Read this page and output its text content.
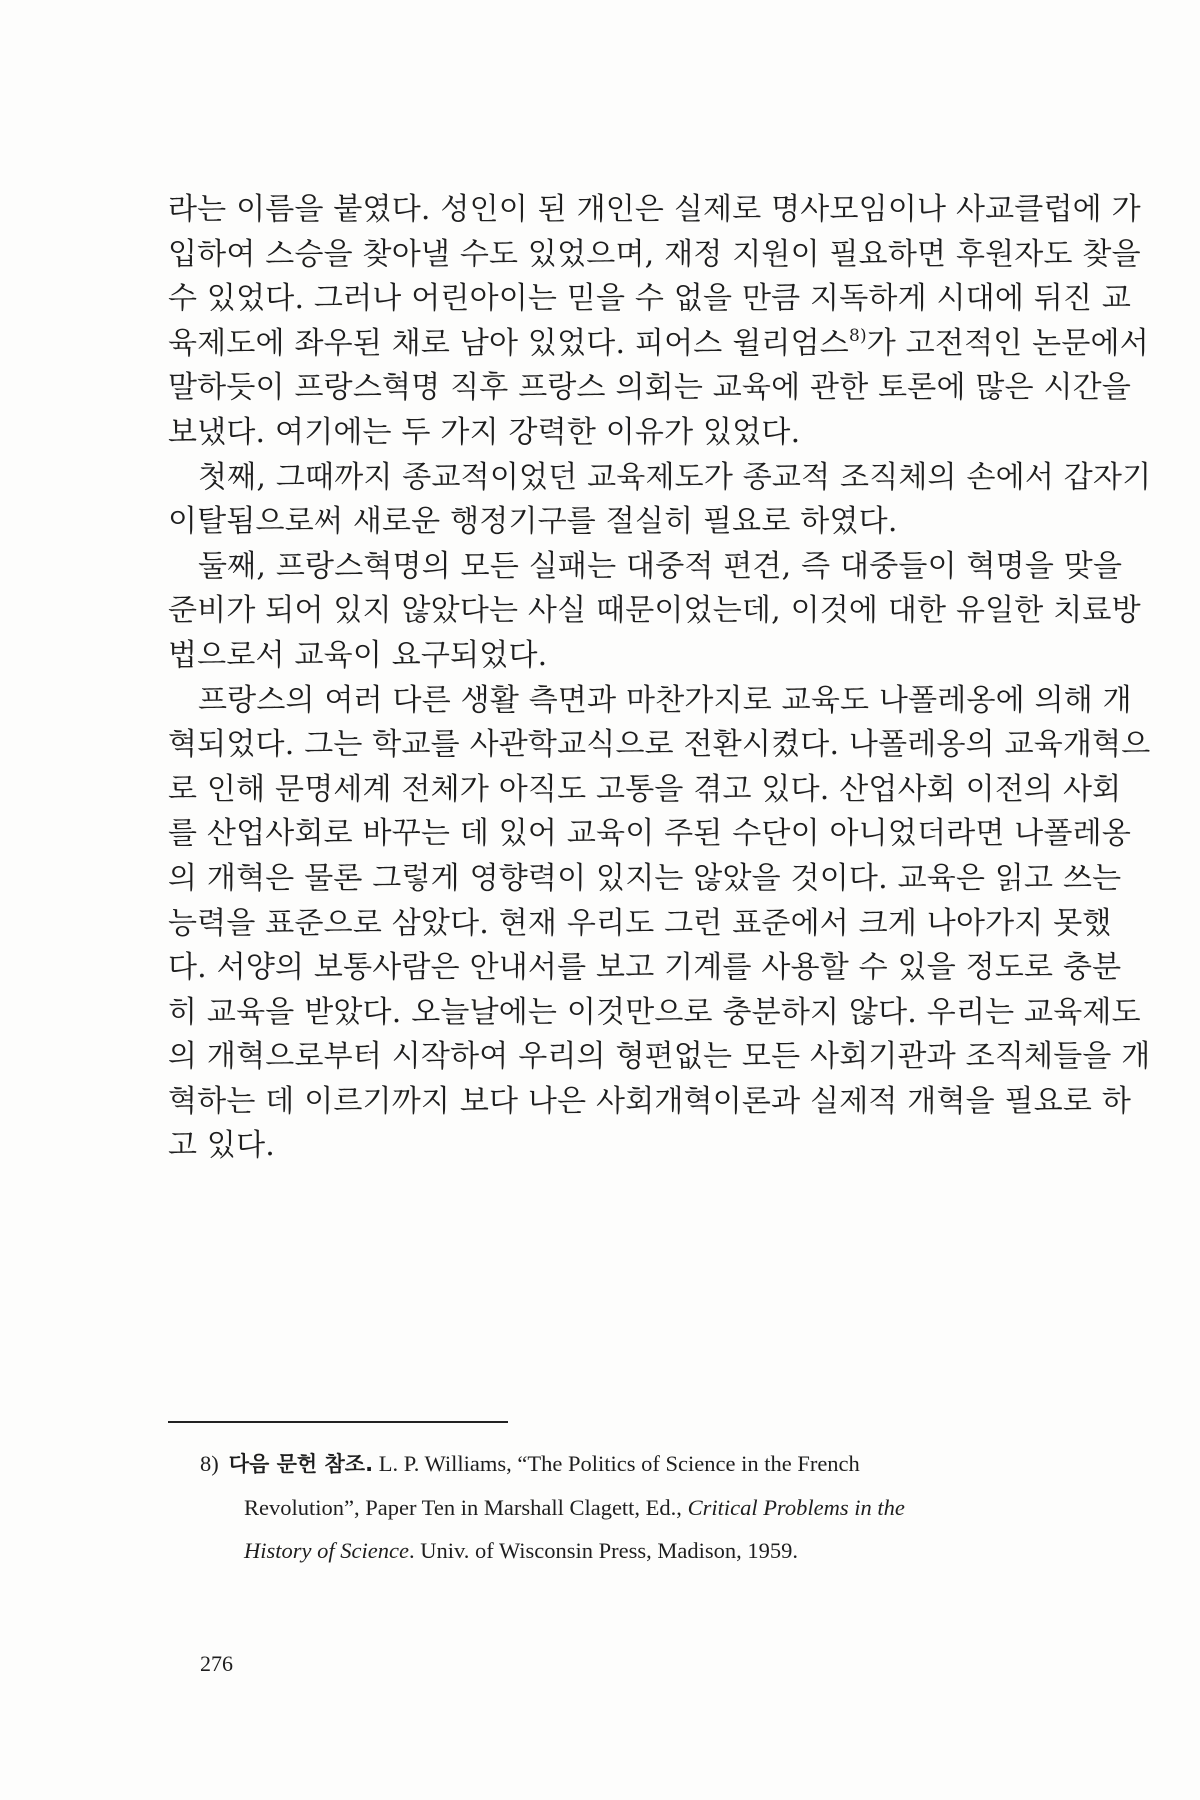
라는 이름을 붙였다. 성인이 된 개인은 실제로 명사모임이나 사교클럽에 가
입하여 스승을 찾아낼 수도 있었으며, 재정 지원이 필요하면 후원자도 찾을
수 있었다. 그러나 어린아이는 믿을 수 없을 만큼 지독하게 시대에 뒤진 교
육제도에 좌우된 채로 남아 있었다. 피어스 윌리엄스$^{8)}$가 고전적인 논문에서
말하듯이 프랑스혁명 직후 프랑스 의회는 교육에 관한 토론에 많은 시간을
보냈다. 여기에는 두 가지 강력한 이유가 있었다.

첫째, 그때까지 종교적이었던 교육제도가 종교적 조직체의 손에서 갑자기
이탈됨으로써 새로운 행정기구를 절실히 필요로 하였다.

둘째, 프랑스혁명의 모든 실패는 대중적 편견, 즉 대중들이 혁명을 맞을
준비가 되어 있지 않았다는 사실 때문이었는데, 이것에 대한 유일한 치료방
법으로서 교육이 요구되었다.

프랑스의 여러 다른 생활 측면과 마찬가지로 교육도 나폴레옹에 의해 개
혁되었다. 그는 학교를 사관학교식으로 전환시켰다. 나폴레옹의 교육개혁으
로 인해 문명세계 전체가 아직도 고통을 겪고 있다. 산업사회 이전의 사회
를 산업사회로 바꾸는 데 있어 교육이 주된 수단이 아니었더라면 나폴레옹
의 개혁은 물론 그렇게 영향력이 있지는 않았을 것이다. 교육은 읽고 쓰는
능력을 표준으로 삼았다. 현재 우리도 그런 표준에서 크게 나아가지 못했
다. 서양의 보통사람은 안내서를 보고 기계를 사용할 수 있을 정도로 충분
히 교육을 받았다. 오늘날에는 이것만으로 충분하지 않다. 우리는 교육제도
의 개혁으로부터 시작하여 우리의 형편없는 모든 사회기관과 조직체들을 개
혁하는 데 이르기까지 보다 나은 사회개혁이론과 실제적 개혁을 필요로 하
고 있다.

8) 다음 문헌 참조. L. P. Williams, “The Politics of Science in the French
Revolution”, Paper Ten in Marshall Clagett, Ed., Critical Problems in the
History of Science. Univ. of Wisconsin Press, Madison, 1959.
276
